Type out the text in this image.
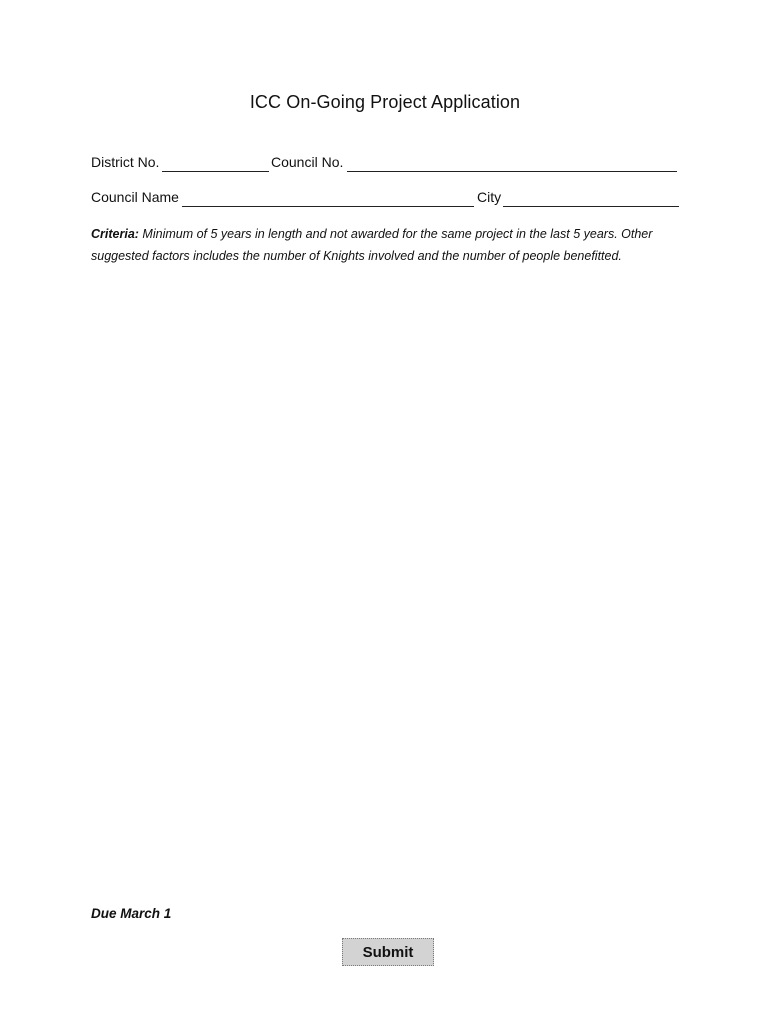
ICC On-Going Project Application
District No.	Council No.
Council Name	City
Criteria: Minimum of 5 years in length and not awarded for the same project in the last 5 years. Other suggested factors includes the number of Knights involved and the number of people benefitted.
Due March 1
Submit
